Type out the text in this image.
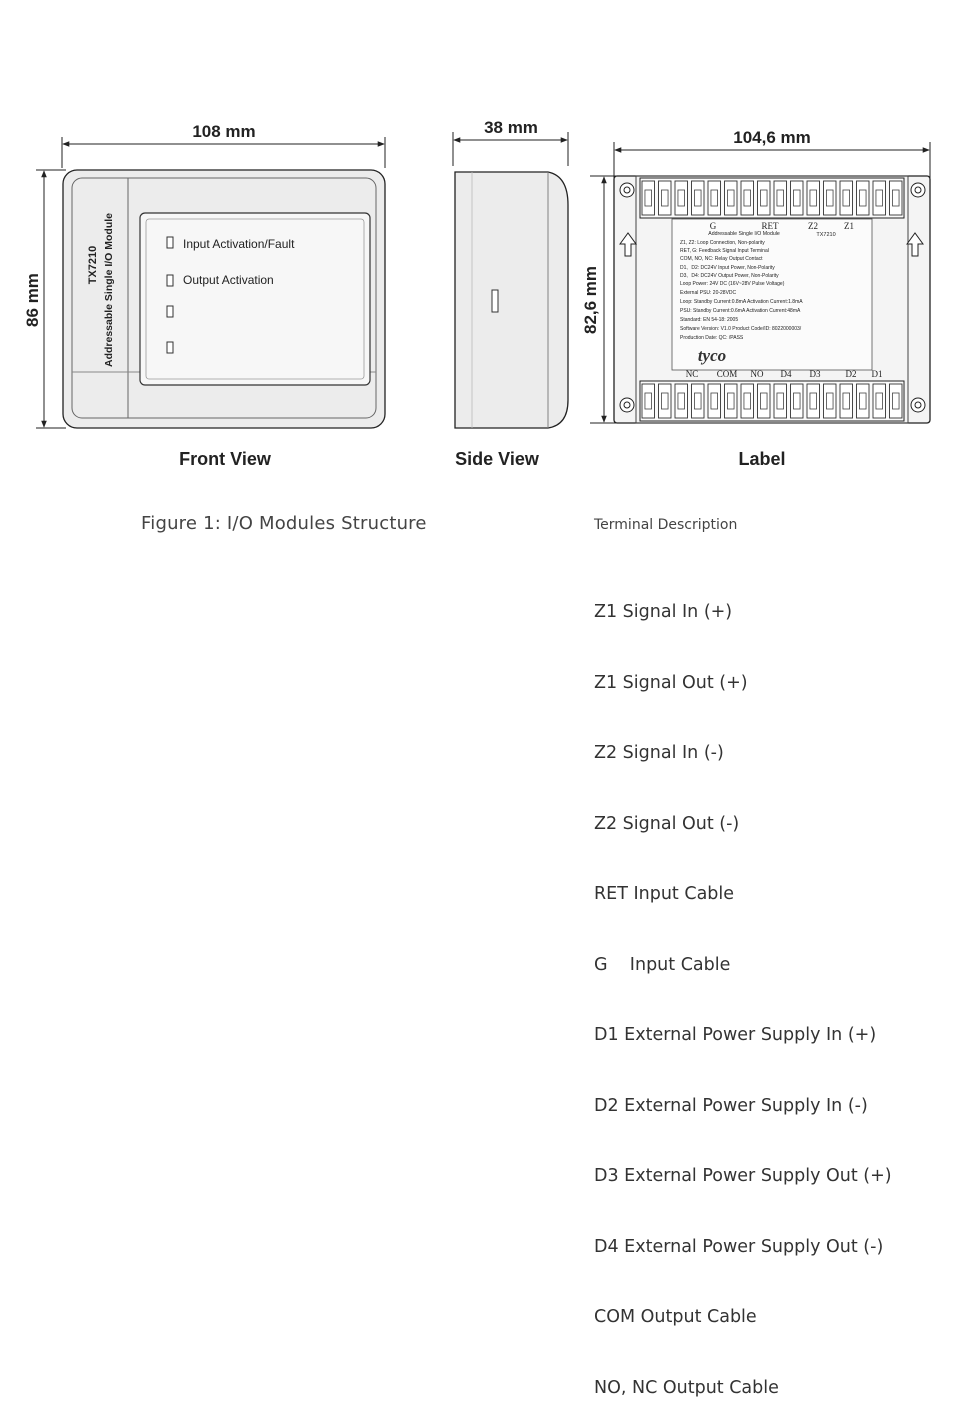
108 mm
86 mm
Input Activation/Fault
Output Activation
TX7210 Addressable Single I/O Module
Front View
38 mm
Side View
104,6 mm
82,6 mm
G	RET	Z2	Z1
Addressable Single I/O Module	TX7210
Z1, Z2: Loop Connection, Non-polarity
RET, G: Feedback Signal Input Terminal
COM, NO, NC: Relay Output Contact
D1、D2: DC24V Input Power, Non-Polarity
D3、D4: DC24V Output Power, Non-Polarity
Loop Power: 24V DC (16V~28V Pulse Voltage)
External PSU: 20-28VDC
Loop: Standby Current:0.8mA Activation Current:1.8mA
PSU: Standby Current:0.6mA Activation Current:48mA
Standard: EN 54-18: 2005
Software Version: V1.0 Product Code/ID: 8022000003/
Production Date: QC: /PASS
tyco
NC COM NO D4 D3	D2 D1
Label
Figure 1: I/O Modules Structure	Terminal Description

Z1 Signal In (+)

Z1 Signal Out (+)

Z2 Signal In (-)

Z2 Signal Out (-)

RET Input Cable

G    Input Cable

D1 External Power Supply In (+)

D2 External Power Supply In (-)

D3 External Power Supply Out (+)

D4 External Power Supply Out (-)

COM Output Cable

NO, NC Output Cable
